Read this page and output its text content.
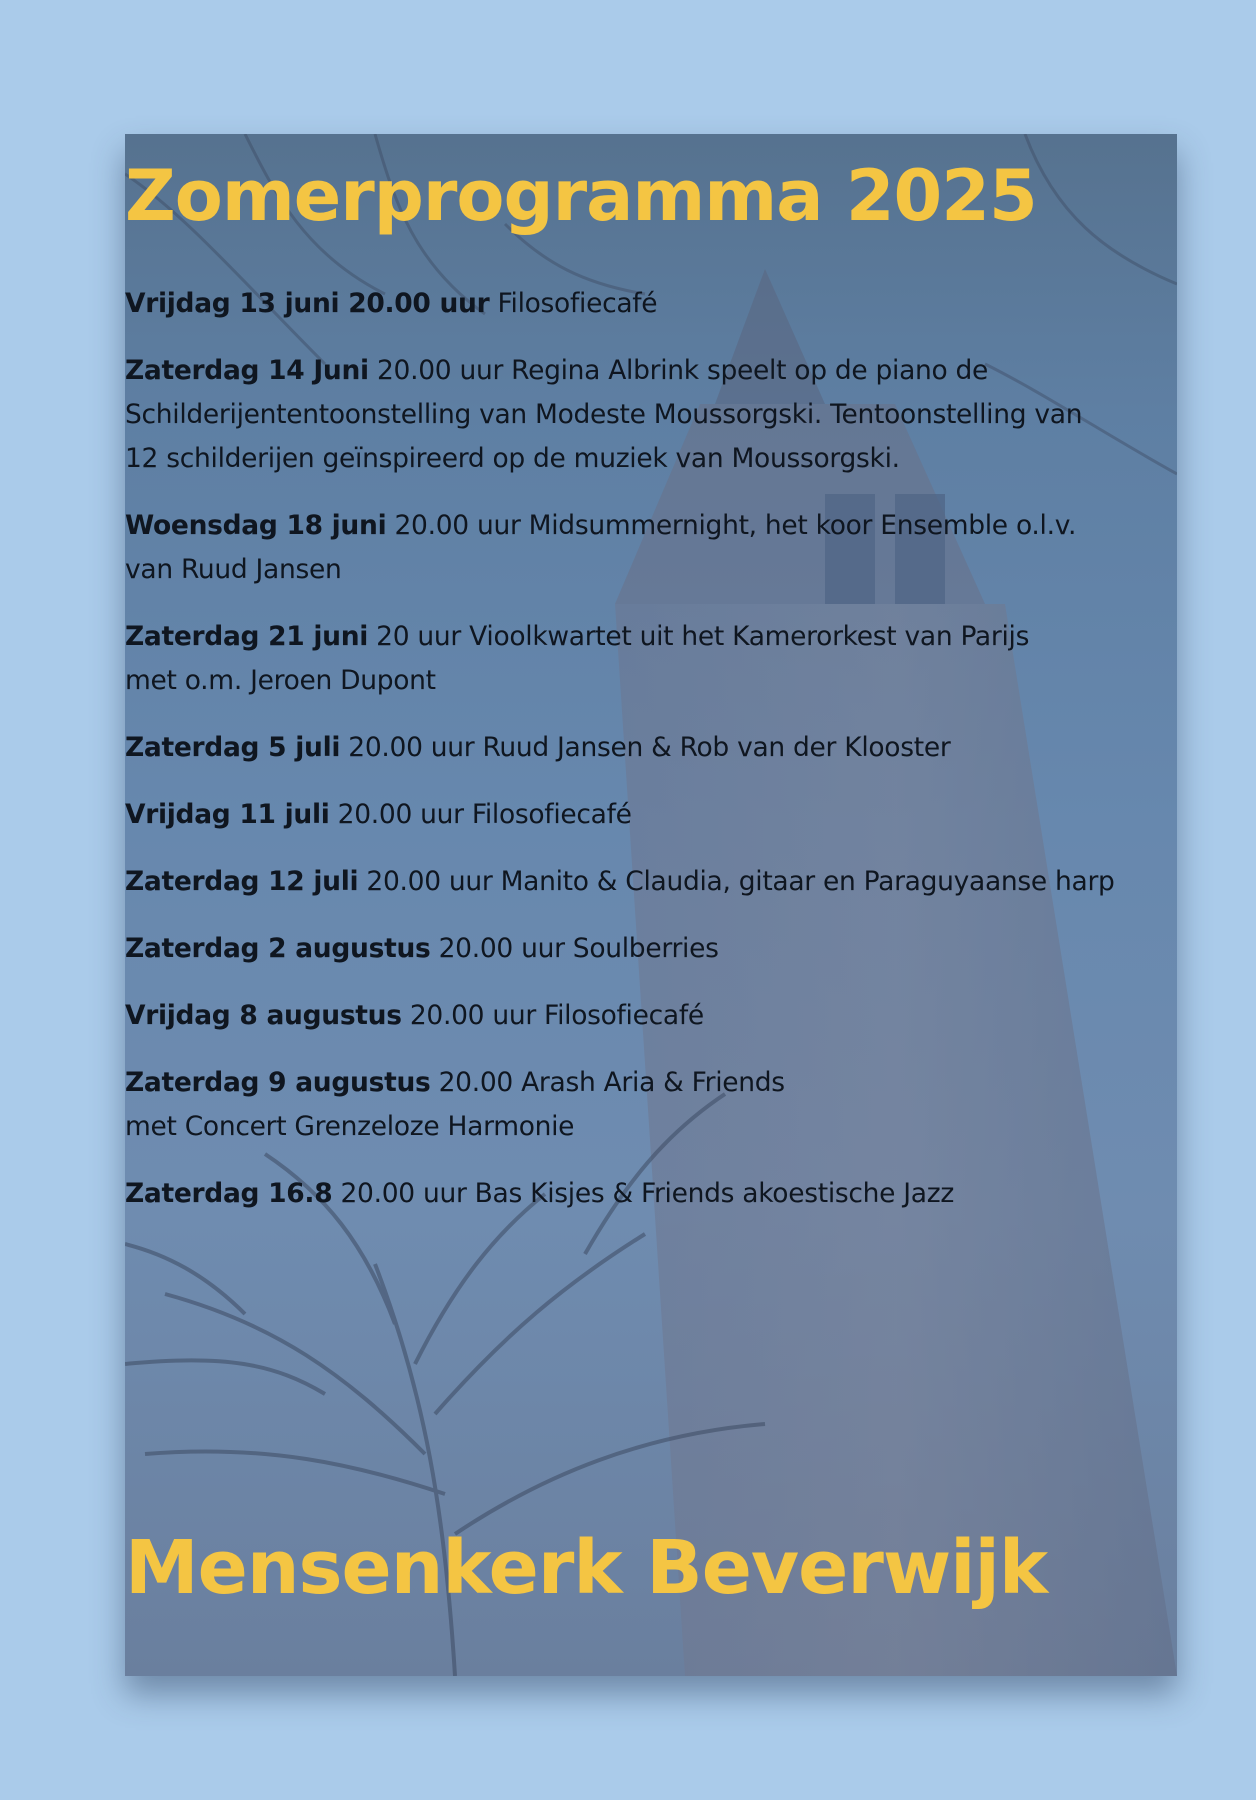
Zomerprogramma 2025
Vrijdag 13 juni 20.00 uur Filosofiecafé
Zaterdag 14 Juni 20.00 uur Regina Albrink speelt op de piano de
Schilderijententoonstelling van Modeste Moussorgski. Tentoonstelling van
12 schilderijen geïnspireerd op de muziek van Moussorgski.
Woensdag 18 juni 20.00 uur Midsummernight, het koor Ensemble o.l.v.
van Ruud Jansen
Zaterdag 21 juni 20 uur Vioolkwartet uit het Kamerorkest van Parijs
met o.m. Jeroen Dupont
Zaterdag 5 juli 20.00 uur Ruud Jansen & Rob van der Klooster
Vrijdag 11 juli 20.00 uur Filosofiecafé
Zaterdag 12 juli 20.00 uur Manito & Claudia, gitaar en Paraguyaanse harp
Zaterdag 2 augustus 20.00 uur Soulberries
Vrijdag 8 augustus 20.00 uur Filosofiecafé
Zaterdag 9 augustus 20.00 Arash Aria & Friends
met Concert Grenzeloze Harmonie
Zaterdag 16.8 20.00 uur Bas Kisjes & Friends akoestische Jazz
Mensenkerk Beverwijk
